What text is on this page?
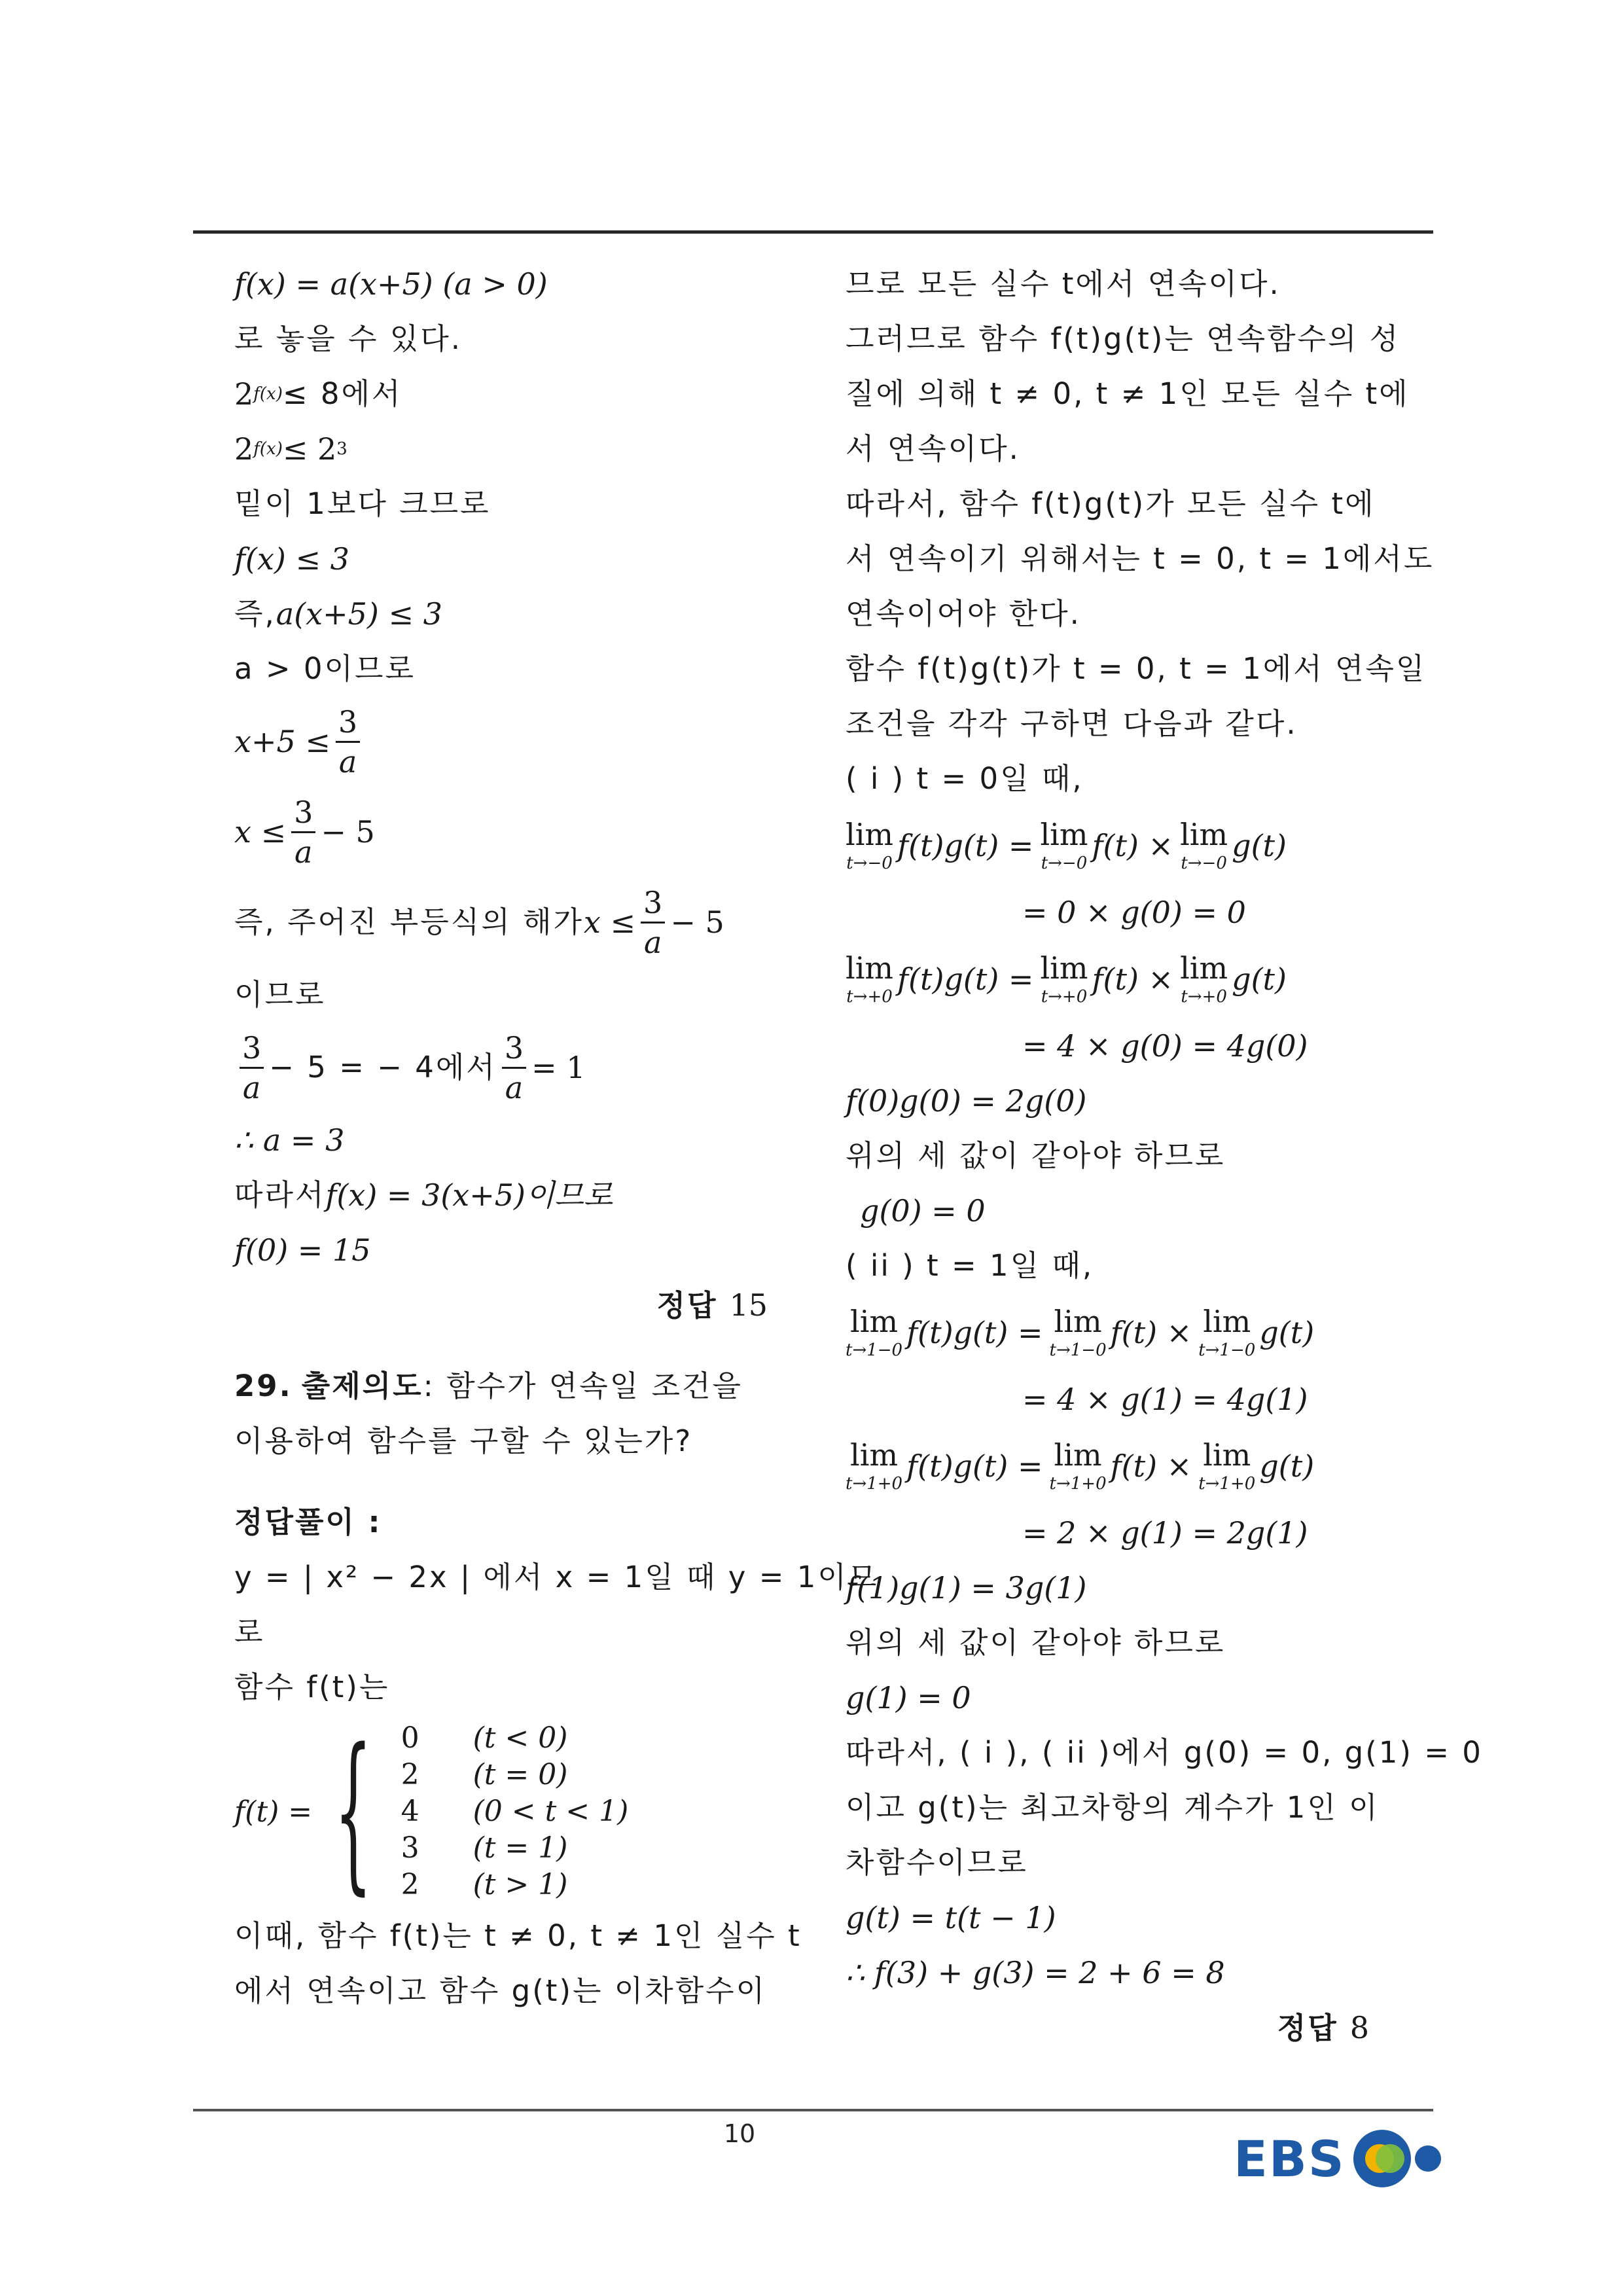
f(x) = a(x+5) (a > 0)
로 놓을 수 있다.
2 f(x) ≤ 8에서
2 f(x) ≤ 2 3
밑이 1보다 크므로
f(x) ≤ 3
즉, a(x+5) ≤ 3
a > 0이므로
$x+5 \le \frac{3}{a}$
$x \le \frac{3}{a} - 5$
즉, 주어진 부등식의 해가 $x \le \frac{3}{a} - 5$
이므로
$\frac{3}{a} - 5$ = − 4에서 $\frac{3}{a} = 1$
∴ a = 3
따라서 f(x) = 3(x+5)이므로
f(0) = 15
정답 15
29. 출제의도 : 함수가 연속일 조건을
이용하여 함수를 구할 수 있는가?
정답풀이 :
y = | x² − 2x | 에서 x = 1일 때 y = 1이므
로
함수 f(t)는
f(t) = { 0	(t < 0)
2	(t = 0)
4	(0 < t < 1)
3	(t = 1)
2	(t > 1)
이때, 함수 f(t)는 t ≠ 0, t ≠ 1인 실수 t
에서 연속이고 함수 g(t)는 이차함수이
므로 모든 실수 t에서 연속이다.
그러므로 함수 f(t)g(t)는 연속함수의 성
질에 의해 t ≠ 0, t ≠ 1인 모든 실수 t에
서 연속이다.
따라서, 함수 f(t)g(t)가 모든 실수 t에
서 연속이기 위해서는 t = 0, t = 1에서도
연속이어야 한다.
함수 f(t)g(t)가 t = 0, t = 1에서 연속일
조건을 각각 구하면 다음과 같다.
( i ) t = 0일 때,
lim
t→−0 f(t)g(t) = lim
t→−0 f(t) × lim
t→−0 g(t)
= 0 × g(0) = 0
lim
t→+0 f(t)g(t) = lim
t→+0 f(t) × lim
t→+0 g(t)
= 4 × g(0) = 4g(0)
f(0)g(0) = 2g(0)
위의 세 값이 같아야 하므로
g(0) = 0
( ii ) t = 1일 때,
lim
t→1−0 f(t)g(t) = lim
t→1−0 f(t) × lim
t→1−0 g(t)
= 4 × g(1) = 4g(1)
lim
t→1+0 f(t)g(t) = lim
t→1+0 f(t) × lim
t→1+0 g(t)
= 2 × g(1) = 2g(1)
f(1)g(1) = 3g(1)
위의 세 값이 같아야 하므로
g(1) = 0
따라서, ( i ), ( ii )에서 g(0) = 0, g(1) = 0
이고 g(t)는 최고차항의 계수가 1인 이
차함수이므로
g(t) = t(t − 1)
∴ f(3) + g(3) = 2 + 6 = 8
정답 8
10	EBS
